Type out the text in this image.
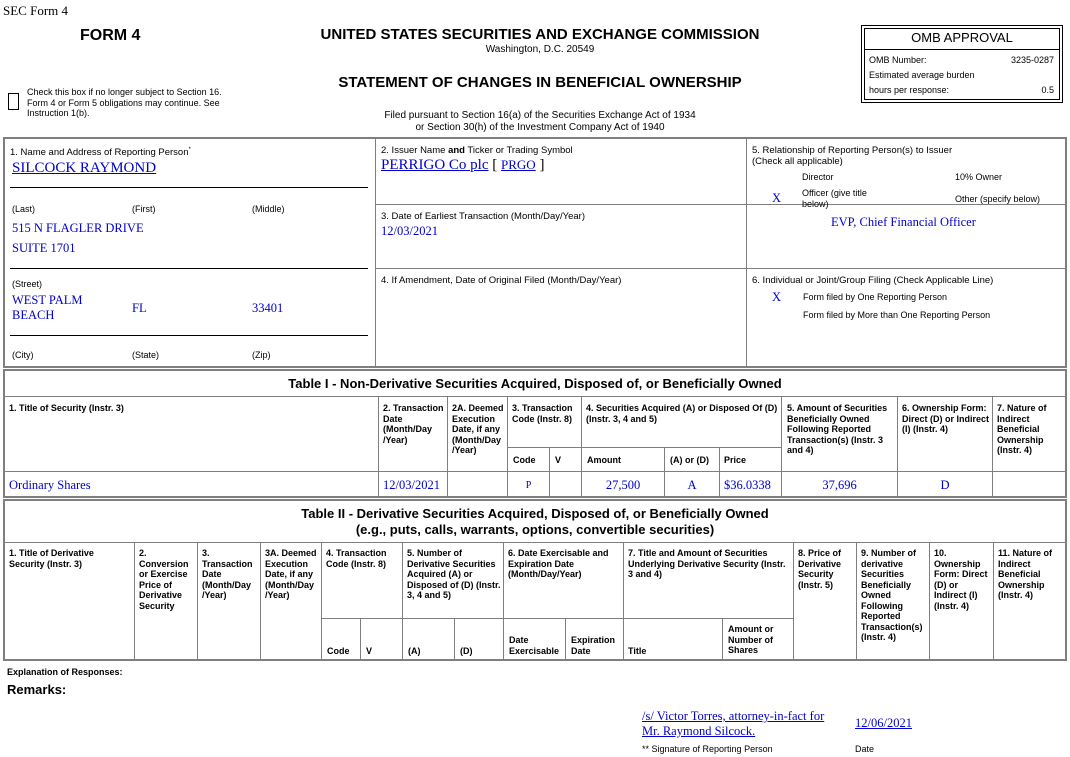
SEC Form 4
FORM 4	UNITED STATES SECURITIES AND EXCHANGE COMMISSION
Washington, D.C. 20549
STATEMENT OF CHANGES IN BENEFICIAL OWNERSHIP
Filed pursuant to Section 16(a) of the Securities Exchange Act of 1934
or Section 30(h) of the Investment Company Act of 1940
Check this box if no longer subject to Section 16. Form 4 or Form 5 obligations may continue. See Instruction 1(b).
OMB APPROVAL
OMB Number:	3235-0287
Estimated average burden
hours per response:	0.5
1. Name and Address of Reporting Person*
SILCOCK RAYMOND
(Last)	(First)	(Middle)
515 N FLAGLER DRIVE
SUITE 1701
(Street)
WEST PALM BEACH	FL	33401
(City)	(State)	(Zip)
2. Issuer Name and Ticker or Trading Symbol
PERRIGO Co plc [ PRGO ]
3. Date of Earliest Transaction (Month/Day/Year)
12/03/2021
4. If Amendment, Date of Original Filed (Month/Day/Year)
5. Relationship of Reporting Person(s) to Issuer
(Check all applicable)
Director	10% Owner
X Officer (give title below)	Other (specify below)
EVP, Chief Financial Officer
6. Individual or Joint/Group Filing (Check Applicable Line)
X Form filed by One Reporting Person
Form filed by More than One Reporting Person
Table I - Non-Derivative Securities Acquired, Disposed of, or Beneficially Owned
1. Title of Security (Instr. 3)	2. Transaction Date (Month/Day /Year)
2A. Deemed Execution Date, if any (Month/Day /Year)
3. Transaction Code (Instr. 8)
4. Securities Acquired (A) or Disposed Of (D) (Instr. 3, 4 and 5)
5. Amount of Securities Beneficially Owned Following Reported Transaction(s) (Instr. 3 and 4)
6. Ownership Form: Direct (D) or Indirect (I) (Instr. 4)
7. Nature of Indirect Beneficial Ownership (Instr. 4)
Code V	Amount	(A) or (D) Price
Ordinary Shares	12/03/2021	P	27,500	A	$36.0338	37,696	D
Table II - Derivative Securities Acquired, Disposed of, or Beneficially Owned
(e.g., puts, calls, warrants, options, convertible securities)
1. Title of Derivative Security (Instr. 3)
2. Conversion or Exercise Price of Derivative Security
3. Transaction Date (Month/Day /Year)
3A. Deemed Execution Date, if any (Month/Day /Year)
4. Transaction Code (Instr. 8)
5. Number of Derivative Securities Acquired (A) or Disposed of (D) (Instr. 3, 4 and 5)
6. Date Exercisable and Expiration Date (Month/Day/Year)
7. Title and Amount of Securities Underlying Derivative Security (Instr. 3 and 4)
8. Price of Derivative Security (Instr. 5)
9. Number of derivative Securities Beneficially Owned Following Reported Transaction(s) (Instr. 4)
10. Ownership Form: Direct (D) or Indirect (I) (Instr. 4)
11. Nature of Indirect Beneficial Ownership (Instr. 4)
Code V	(A)	(D)
Date Exercisable
Expiration Date	Title
Amount or Number of Shares
Explanation of Responses:
Remarks:
/s/ Victor Torres, attorney-in-fact for Mr. Raymond Silcock.
12/06/2021
** Signature of Reporting Person	Date
